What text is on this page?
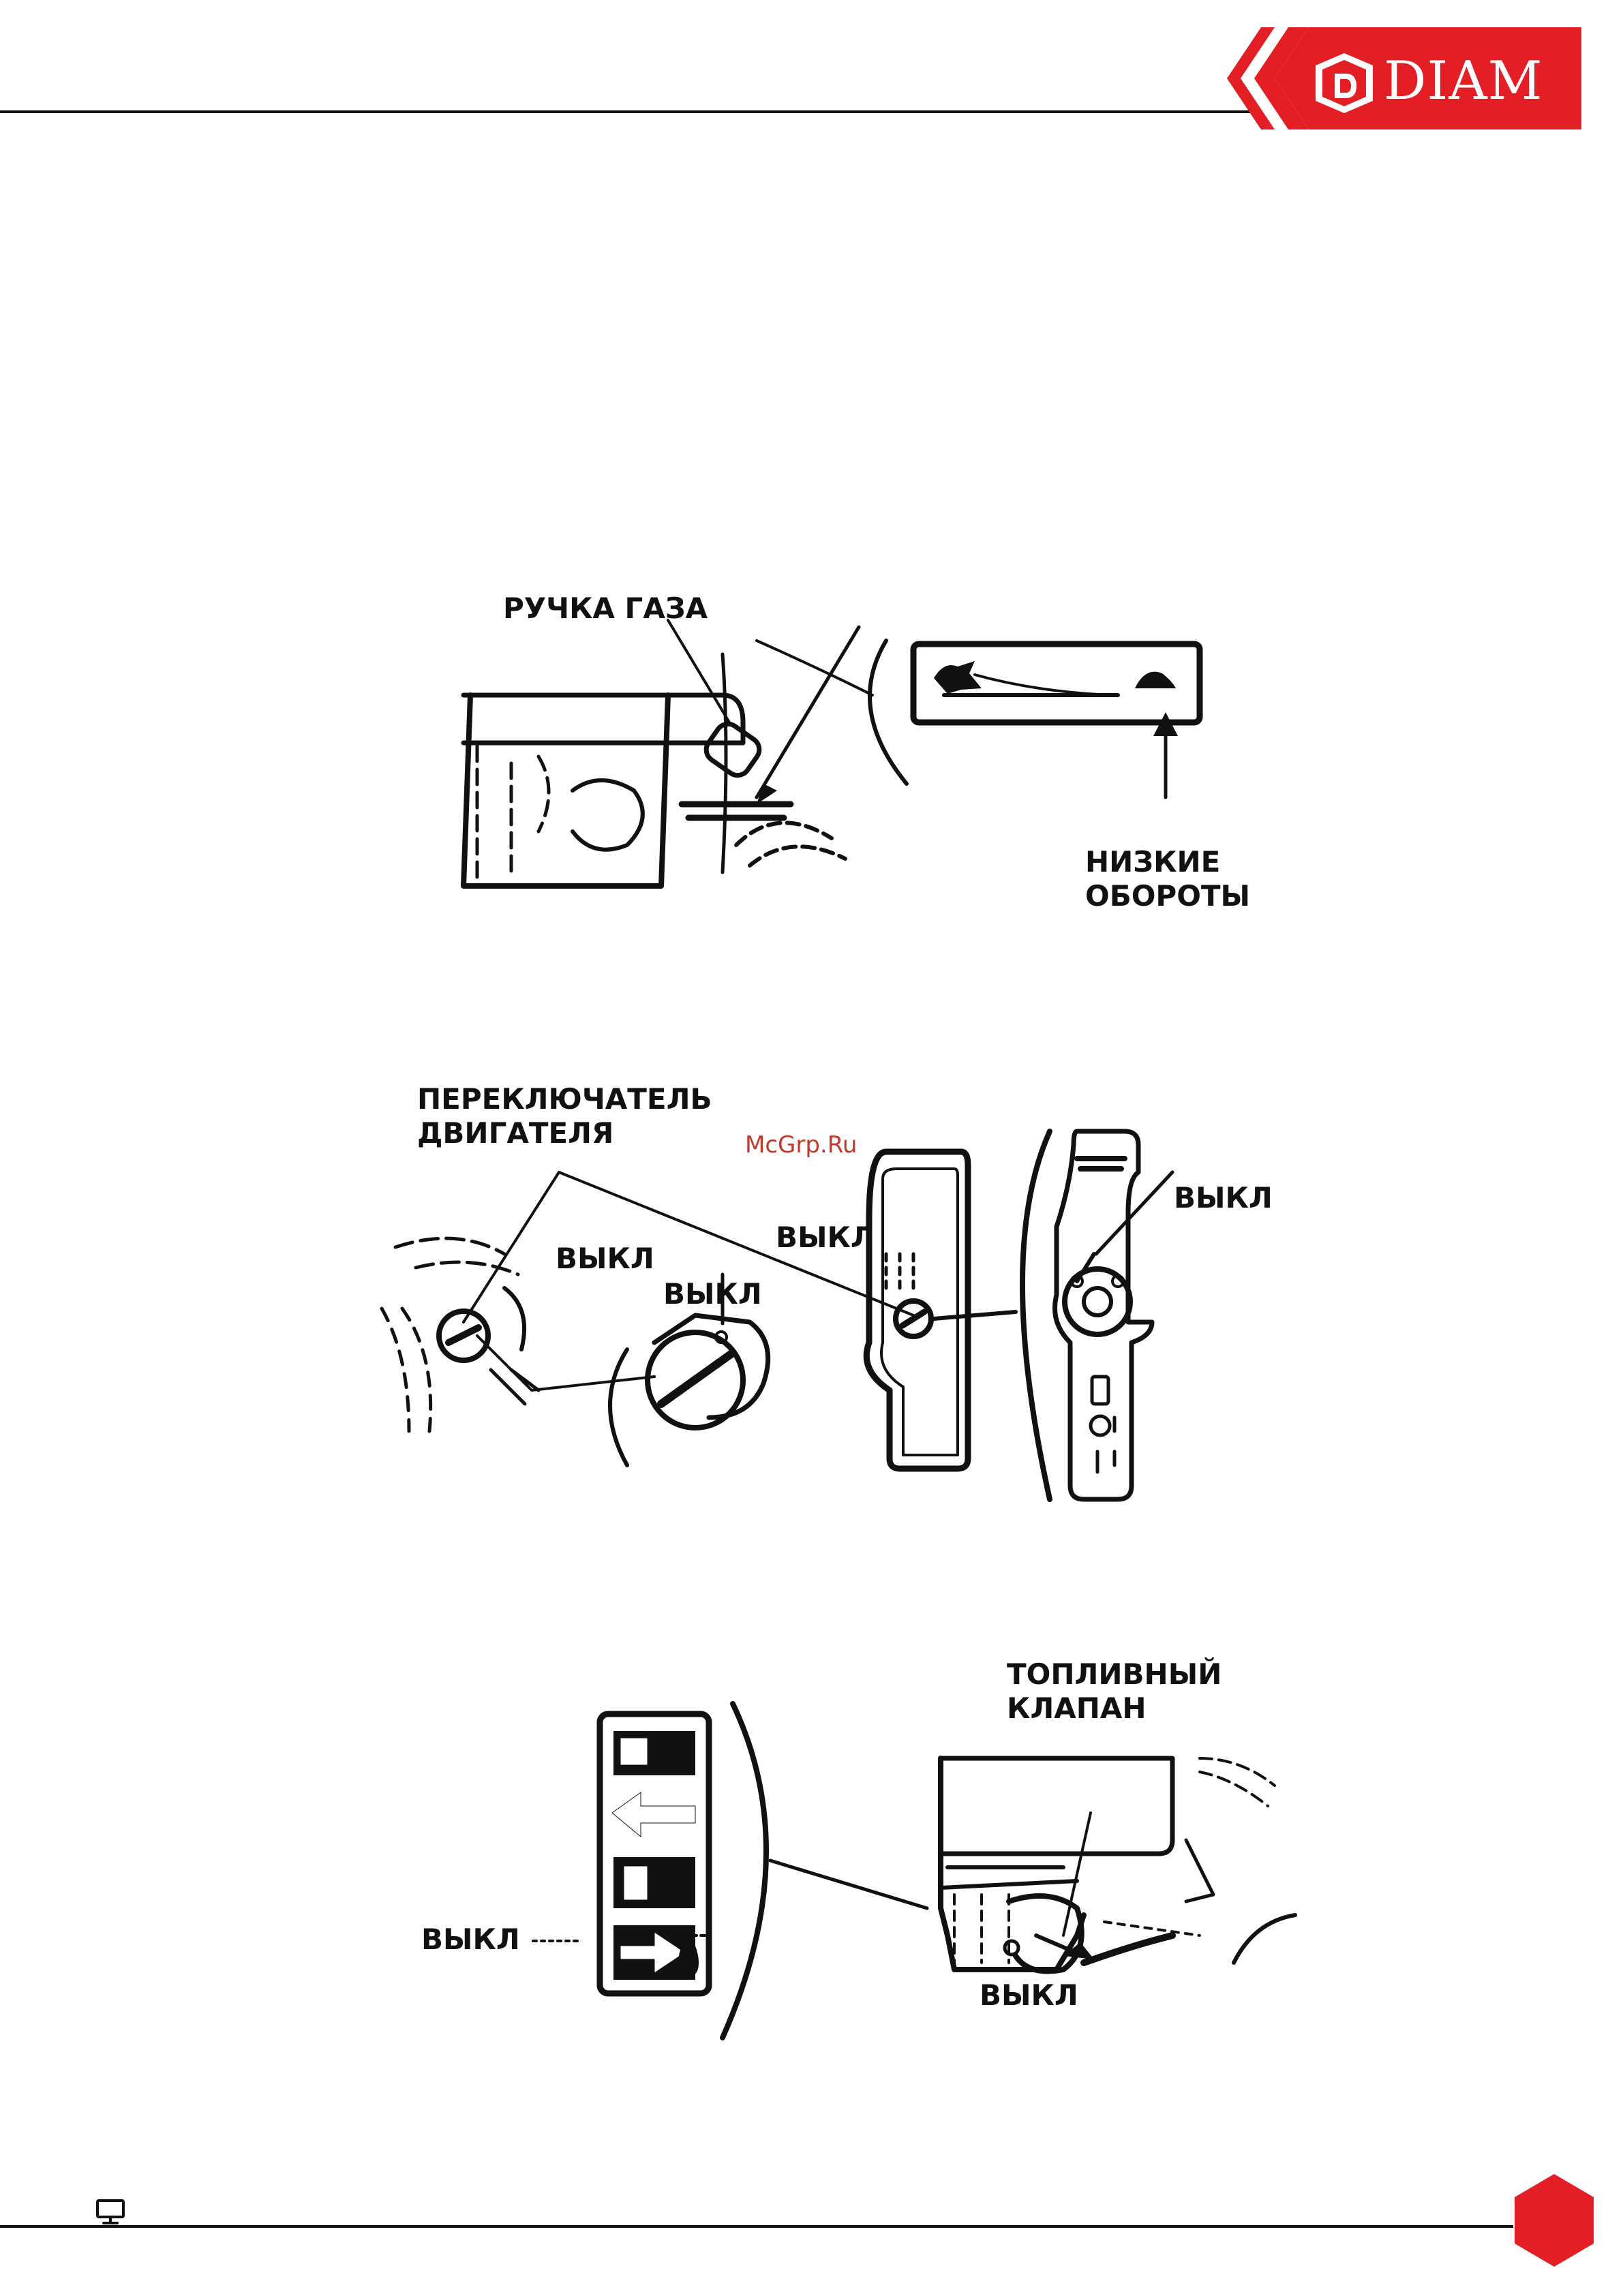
DIAM
РУЧКА ГАЗА
НИЗКИЕ
ОБОРОТЫ
ПЕРЕКЛЮЧАТЕЛЬ
ДВИГАТЕЛЯ
ВЫКЛ
ВЫКЛ
ВЫКЛ
ВЫКЛ
McGrp.Ru
ТОПЛИВНЫЙ
КЛАПАН
ВЫКЛ
ВЫКЛ
